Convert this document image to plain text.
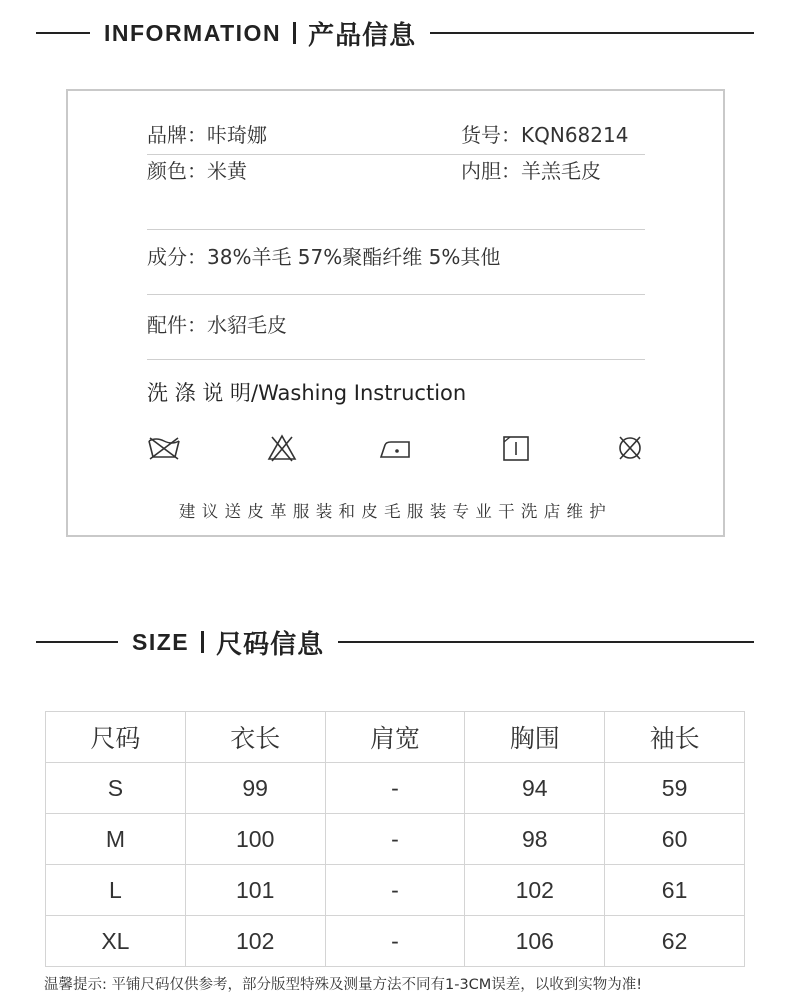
INFORMATION 产品信息
品牌：咔琦娜	货号：KQN68214
颜色：米黄	内胆：羊羔毛皮
成分：38%羊毛 57%聚酯纤维 5%其他
配件：水貂毛皮
洗 涤 说 明/Washing Instruction
建议送皮革服装和皮毛服装专业干洗店维护
SIZE 尺码信息
尺码	衣长	肩宽	胸围	袖长
S	99	-	94	59
M	100	-	98	60
L	101	-	102	61
XL	102	-	106	62
温馨提示: 平铺尺码仅供参考，部分版型特殊及测量方法不同有1-3CM误差，以收到实物为准!
